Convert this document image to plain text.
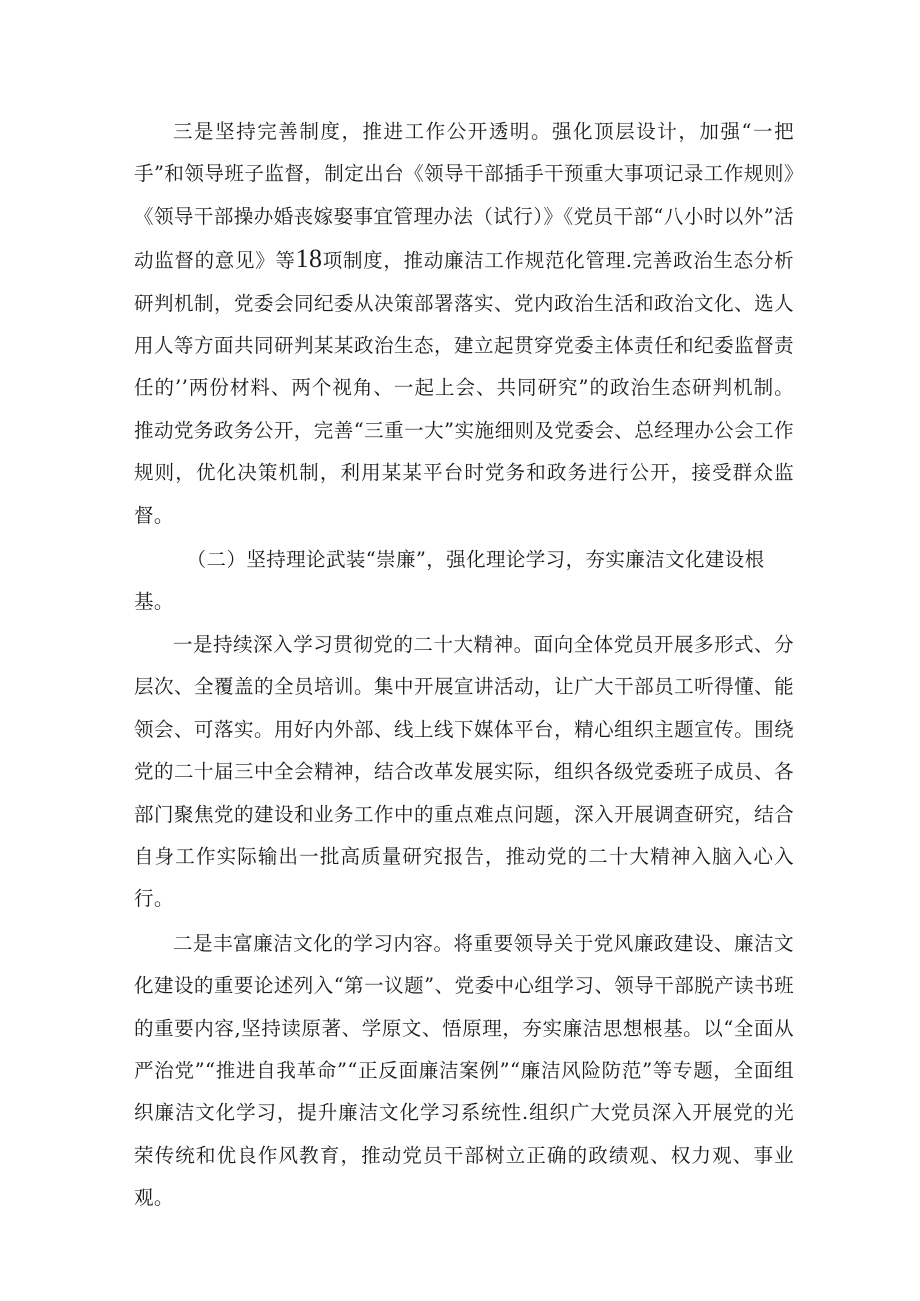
三是坚持完善制度，推进工作公开透明。强化顶层设计，加强“一把手”和领导班子监督，制定出台《领导干部插手干预重大事项记录工作规则》《领导干部操办婚丧嫁娶事宜管理办法（试行）》《党员干部“八小时以外”活动监督的意见》等18项制度，推动廉洁工作规范化管理.完善政治生态分析研判机制，党委会同纪委从决策部署落实、党内政治生活和政治文化、选人用人等方面共同研判某某政治生态，建立起贯穿党委主体责任和纪委监督责任的’’两份材料、两个视角、一起上会、共同研究”的政治生态研判机制。推动党务政务公开，完善“三重一大”实施细则及党委会、总经理办公会工作规则，优化决策机制，利用某某平台时党务和政务进行公开，接受群众监督。

（二）坚持理论武装“崇廉”，强化理论学习，夯实廉洁文化建设根基。

一是持续深入学习贯彻党的二十大精神。面向全体党员开展多形式、分层次、全覆盖的全员培训。集中开展宣讲活动，让广大干部员工听得懂、能领会、可落实。用好内外部、线上线下媒体平台，精心组织主题宣传。围绕党的二十届三中全会精神，结合改革发展实际，组织各级党委班子成员、各部门聚焦党的建设和业务工作中的重点难点问题，深入开展调查研究，结合自身工作实际输出一批高质量研究报告，推动党的二十大精神入脑入心入行。

二是丰富廉洁文化的学习内容。将重要领导关于党风廉政建设、廉洁文化建设的重要论述列入“第一议题”、党委中心组学习、领导干部脱产读书班的重要内容,坚持读原著、学原文、悟原理，夯实廉洁思想根基。以“全面从严治党”“推进自我革命”“正反面廉洁案例”“廉洁风险防范”等专题，全面组织廉洁文化学习，提升廉洁文化学习系统性.组织广大党员深入开展党的光荣传统和优良作风教育，推动党员干部树立正确的政绩观、权力观、事业观。
